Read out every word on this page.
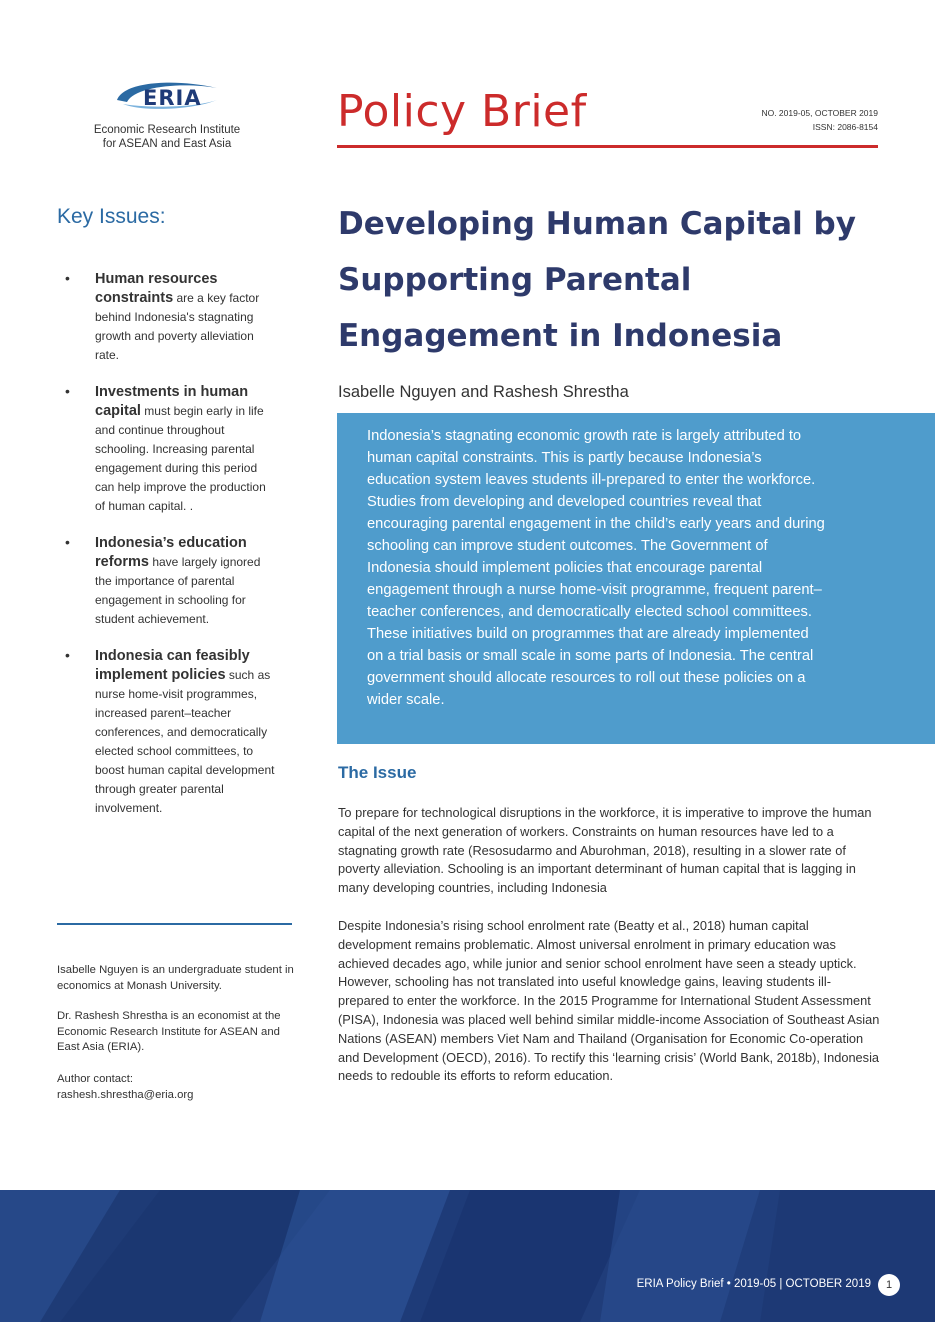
ERIA
Economic Research Institute
for ASEAN and East Asia
Policy Brief	NO. 2019-05, OCTOBER 2019
ISSN: 2086-8154
Key Issues:
• Human resources constraints are a key factor behind Indonesia's stagnating growth and poverty alleviation rate.
• Investments in human capital must begin early in life and continue throughout schooling. Increasing parental engagement during this period can help improve the production of human capital. .
• Indonesia’s education reforms have largely ignored the importance of parental engagement in schooling for student achievement.
• Indonesia can feasibly implement policies such as nurse home-visit programmes, increased parent–teacher conferences, and democratically elected school committees, to boost human capital development through greater parental involvement.
Isabelle Nguyen is an undergraduate student in economics at Monash University.
Dr. Rashesh Shrestha is an economist at the Economic Research Institute for ASEAN and East Asia (ERIA).
Author contact:
rashesh.shrestha@eria.org
Developing Human Capital by Supporting Parental Engagement in Indonesia
Isabelle Nguyen and Rashesh Shrestha
Indonesia’s stagnating economic growth rate is largely attributed to human capital constraints. This is partly because Indonesia’s education system leaves students ill-prepared to enter the workforce. Studies from developing and developed countries reveal that encouraging parental engagement in the child’s early years and during schooling can improve student outcomes. The Government of Indonesia should implement policies that encourage parental engagement through a nurse home-visit programme, frequent parent–teacher conferences, and democratically elected school committees. These initiatives build on programmes that are already implemented on a trial basis or small scale in some parts of Indonesia. The central government should allocate resources to roll out these policies on a wider scale.
The Issue
To prepare for technological disruptions in the workforce, it is imperative to improve the human capital of the next generation of workers. Constraints on human resources have led to a stagnating growth rate (Resosudarmo and Aburohman, 2018), resulting in a slower rate of poverty alleviation. Schooling is an important determinant of human capital that is lagging in many developing countries, including Indonesia
Despite Indonesia’s rising school enrolment rate (Beatty et al., 2018) human capital development remains problematic. Almost universal enrolment in primary education was achieved decades ago, while junior and senior school enrolment have seen a steady uptick. However, schooling has not translated into useful knowledge gains, leaving students ill-prepared to enter the workforce. In the 2015 Programme for International Student Assessment (PISA), Indonesia was placed well behind similar middle-income Association of Southeast Asian Nations (ASEAN) members Viet Nam and Thailand (Organisation for Economic Co-operation and Development (OECD), 2016). To rectify this ‘learning crisis’ (World Bank, 2018b), Indonesia needs to redouble its efforts to reform education.
ERIA Policy Brief • 2019-05 | OCTOBER 2019	1
